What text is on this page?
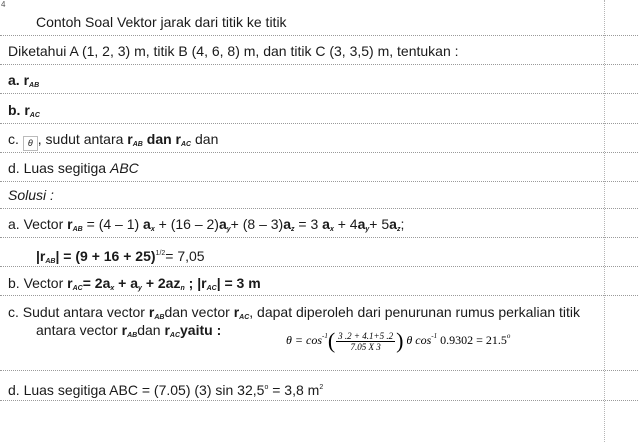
4
Contoh Soal Vektor jarak dari titik ke titik
Diketahui A (1, 2, 3) m, titik B (4, 6, 8) m, dan titik C (3, 3,5) m, tentukan :
a. $r_{AB}$
b. $r_{AC}$
c. θ , sudut antara $r_{AB}$ dan $r_{AC}$ dan
d. Luas segitiga ABC
Solusi :
a. Vector $r_{AB} = (4 - 1) a_x + (16 - 2)a_y+ (8 - 3)a_z = 3$ $a_x + 4a_y+ 5a_z$;
$|r_{AB}| = (9 + 16 + 25)^{1/2}= 7,05$
b. Vector $r_{AC}= 2a_x + a_y + 2az_n$ ; $|r_{AC}| = 3$ m
c. Sudut antara vector $r_{AB}dan$ vector $r_{AC}$, dapat diperoleh dari penurunan rumus perkalian titik
antara vector $r_{AB}dan$ $r_{AC}yaitu$ :
$\theta = \cos^{-1}( \frac{3 .2 + 4.1+5 .2}{7.05 X 3}$ ) θ $\cos^{-1} 0.9302 = 21.5^o$
d. Luas segitiga ABC = (7.05) (3) $\sin 32,5^o = 3,8$ $m^2$
